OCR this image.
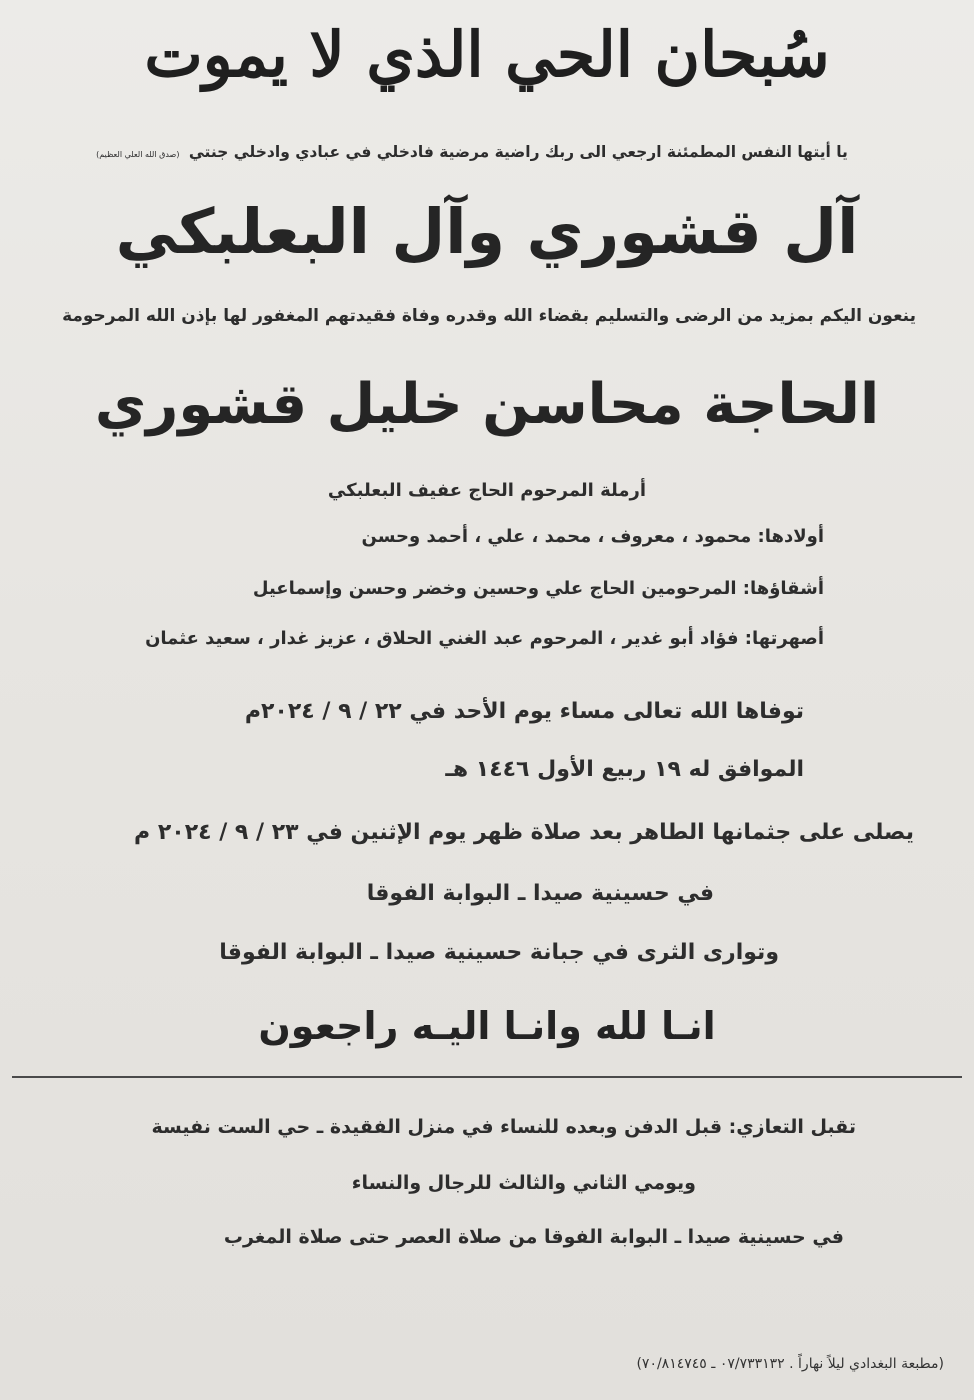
سُبحان الحي الذي لا يموت
يا أيتها النفس المطمئنة ارجعي الى ربك راضية مرضية فادخلي في عبادي وادخلي جنتي (صدق الله العلي العظيم)
آل قشوري وآل البعلبكي
ينعون اليكم بمزيد من الرضى والتسليم بقضاء الله وقدره وفاة فقيدتهم المغفور لها بإذن الله المرحومة
الحاجة محاسن خليل قشوري
أرملة المرحوم الحاج عفيف البعلبكي
أولادها: محمود ، معروف ، محمد ، علي ، أحمد وحسن
أشقاؤها: المرحومين الحاج علي وحسين وخضر وحسن وإسماعيل
أصهرتها: فؤاد أبو غدير ، المرحوم عبد الغني الحلاق ، عزيز غدار ، سعيد عثمان
توفاها الله تعالى مساء يوم الأحد في ٢٢ / ٩ / ٢٠٢٤م
الموافق له ١٩ ربيع الأول ١٤٤٦ هـ
يصلى على جثمانها الطاهر بعد صلاة ظهر يوم الإثنين في ٢٣ / ٩ / ٢٠٢٤ م
في حسينية صيدا ـ البوابة الفوقا
وتوارى الثرى في جبانة حسينية صيدا ـ البوابة الفوقا
انـا لله وانـا اليـه راجعون
تقبل التعازي: قبل الدفن وبعده للنساء في منزل الفقيدة ـ حي الست نفيسة
ويومي الثاني والثالث للرجال والنساء
في حسينية صيدا ـ البوابة الفوقا من صلاة العصر حتى صلاة المغرب
(مطبعة البغدادي ليلاً نهاراً . ٠٧/٧٣٣١٣٢ ـ ٧٠/٨١٤٧٤٥)
